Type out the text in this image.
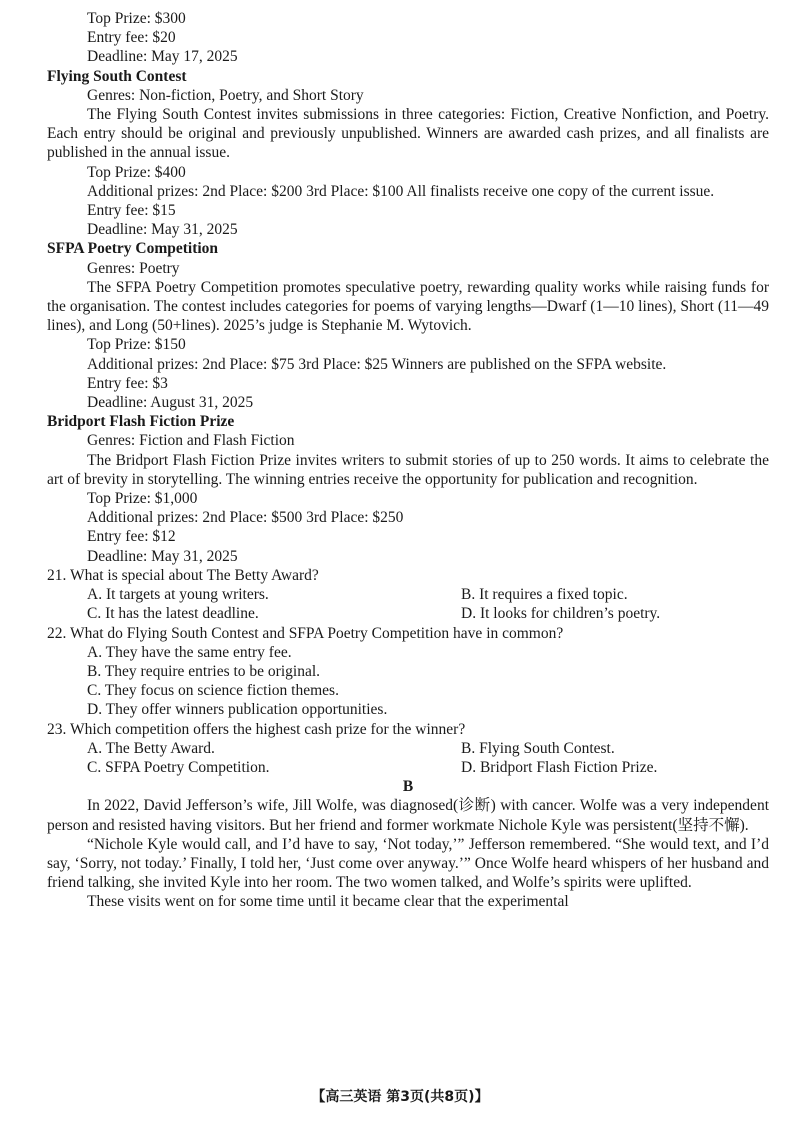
Top Prize: $300
Entry fee: $20
Deadline: May 17, 2025
Flying South Contest
Genres: Non-fiction, Poetry, and Short Story
The Flying South Contest invites submissions in three categories: Fiction, Creative Nonfiction, and Poetry. Each entry should be original and previously unpublished. Winners are awarded cash prizes, and all finalists are published in the annual issue.
Top Prize: $400
Additional prizes: 2nd Place: $200 3rd Place: $100 All finalists receive one copy of the current issue.
Entry fee: $15
Deadline: May 31, 2025
SFPA Poetry Competition
Genres: Poetry
The SFPA Poetry Competition promotes speculative poetry, rewarding quality works while raising funds for the organisation. The contest includes categories for poems of varying lengths—Dwarf (1—10 lines), Short (11—49 lines), and Long (50+lines). 2025’s judge is Stephanie M. Wytovich.
Top Prize: $150
Additional prizes: 2nd Place: $75 3rd Place: $25 Winners are published on the SFPA website.
Entry fee: $3
Deadline: August 31, 2025
Bridport Flash Fiction Prize
Genres: Fiction and Flash Fiction
The Bridport Flash Fiction Prize invites writers to submit stories of up to 250 words. It aims to celebrate the art of brevity in storytelling. The winning entries receive the opportunity for publication and recognition.
Top Prize: $1,000
Additional prizes: 2nd Place: $500 3rd Place: $250
Entry fee: $12
Deadline: May 31, 2025
21. What is special about The Betty Award?
A. It targets at young writers.	B. It requires a fixed topic.
C. It has the latest deadline.	D. It looks for children’s poetry.
22. What do Flying South Contest and SFPA Poetry Competition have in common?
A. They have the same entry fee.
B. They require entries to be original.
C. They focus on science fiction themes.
D. They offer winners publication opportunities.
23. Which competition offers the highest cash prize for the winner?
A. The Betty Award.	B. Flying South Contest.
C. SFPA Poetry Competition.	D. Bridport Flash Fiction Prize.
B
In 2022, David Jefferson’s wife, Jill Wolfe, was diagnosed(诊断) with cancer. Wolfe was a very independent person and resisted having visitors. But her friend and former workmate Nichole Kyle was persistent(坚持不懈).
“Nichole Kyle would call, and I’d have to say, ‘Not today,’” Jefferson remembered. “She would text, and I’d say, ‘Sorry, not today.’ Finally, I told her, ‘Just come over anyway.’” Once Wolfe heard whispers of her husband and friend talking, she invited Kyle into her room. The two women talked, and Wolfe’s spirits were uplifted.
These visits went on for some time until it became clear that the experimental
【高三英语 第3页(共8页)】
